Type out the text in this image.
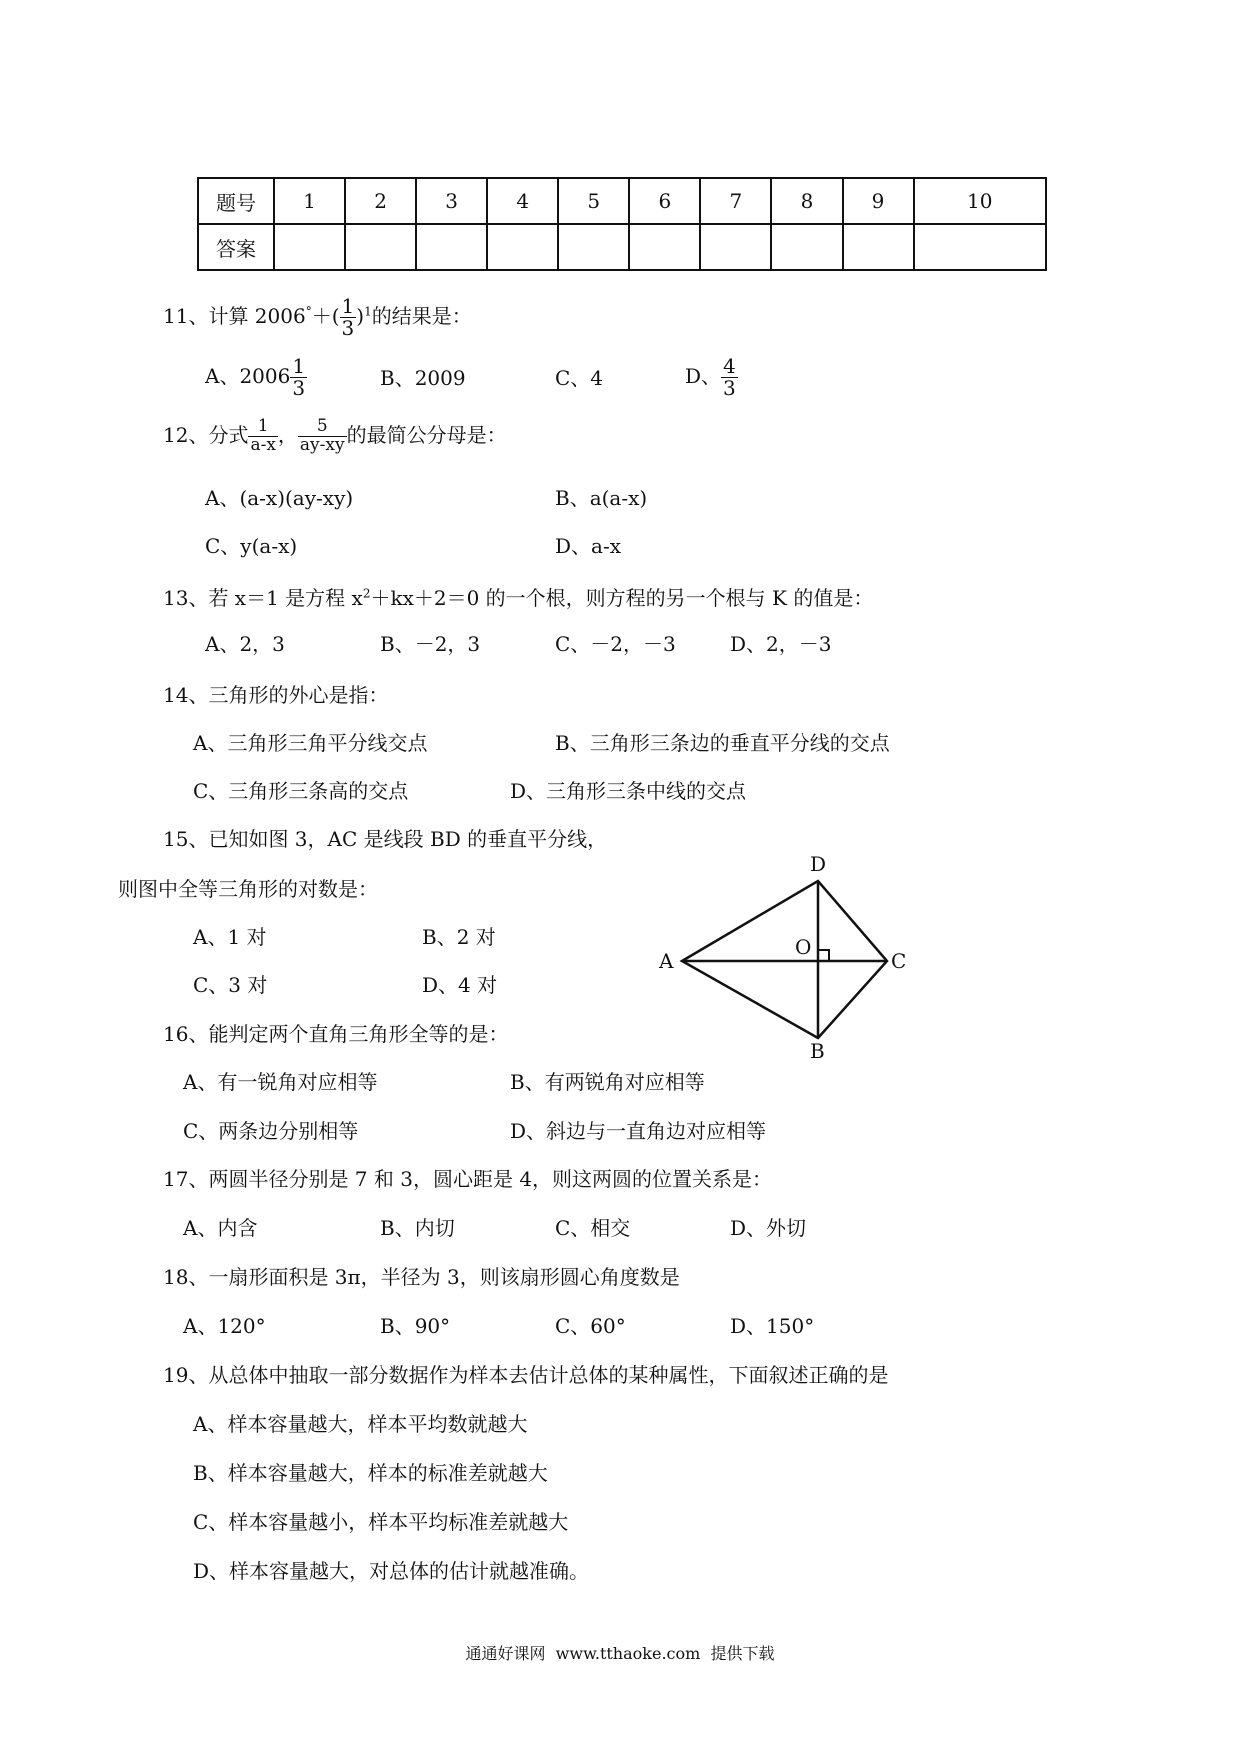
题号	1	2	3	4	5	6	7	8	9	10
答案										
11、计算 $2006^\circ+( \frac{1}{3} )^1$的结果是：
A、$2006 \frac{1}{3}$	B、2009	C、4	D、 $\frac{4}{3}$
12、分式 $\frac{1}{a-x}$ ， $\frac{5}{ay-xy}$ 的最简公分母是：
A、(a-x)(ay-xy)	B、a(a-x)
C、y(a-x)	D、a-x
13、若 x＝1 是方程 $x^2+kx+2=0$ 的一个根，则方程的另一个根与 K 的值是：
A、2，3	B、－2，3	C、－2，－3	D、2，－3
14、三角形的外心是指：
A、三角形三角平分线交点	B、三角形三条边的垂直平分线的交点
C、三角形三条高的交点	D、三角形三条中线的交点
15、已知如图 3，AC 是线段 BD 的垂直平分线，
则图中全等三角形的对数是：
A、1 对	B、2 对
C、3 对	D、4 对
D
A	C
B
O
16、能判定两个直角三角形全等的是：
A、有一锐角对应相等	B、有两锐角对应相等
C、两条边分别相等	D、斜边与一直角边对应相等
17、两圆半径分别是 7 和 3，圆心距是 4，则这两圆的位置关系是：
A、内含	B、内切	C、相交	D、外切
18、一扇形面积是 3π，半径为 3，则该扇形圆心角度数是
A、120°	B、90°	C、60°	D、150°
19、从总体中抽取一部分数据作为样本去估计总体的某种属性，下面叙述正确的是
A、样本容量越大，样本平均数就越大
B、样本容量越大，样本的标准差就越大
C、样本容量越小，样本平均标准差就越大
D、样本容量越大，对总体的估计就越准确。
通通好课网  www.tthaoke.com  提供下载
